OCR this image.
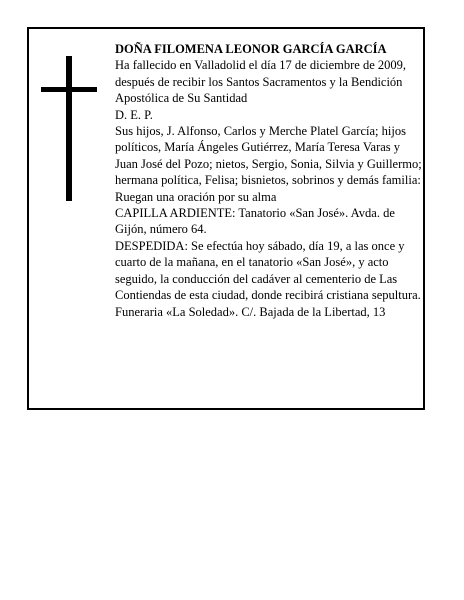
DOÑA FILOMENA LEONOR GARCÍA GARCÍA

Ha fallecido en Valladolid el día 17 de diciembre de 2009, después de recibir los Santos Sacramentos y la Bendición Apostólica de Su Santidad

D. E. P.

Sus hijos, J. Alfonso, Carlos y Merche Platel García; hijos políticos, María Ángeles Gutiérrez, María Teresa Varas y Juan José del Pozo; nietos, Sergio, Sonia, Silvia y Guillermo; hermana política, Felisa; bisnietos, sobrinos y demás familia:

Ruegan una oración por su alma

CAPILLA ARDIENTE: Tanatorio «San José». Avda. de Gijón, número 64.

DESPEDIDA: Se efectúa hoy sábado, día 19, a las once y cuarto de la mañana, en el tanatorio «San José», y acto seguido, la conducción del cadáver al cementerio de Las Contiendas de esta ciudad, donde recibirá cristiana sepultura.

Funeraria «La Soledad». C/. Bajada de la Libertad, 13
